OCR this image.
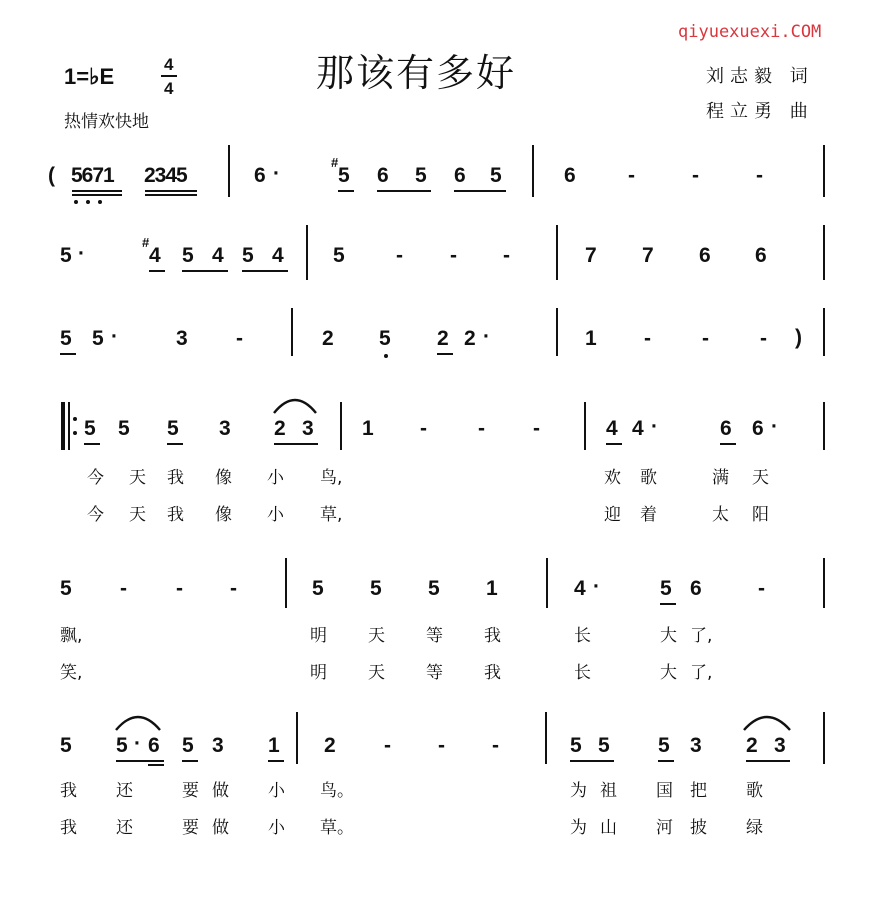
qiyuexuexi.COM
1=♭E	4
4
热情欢快地
那该有多好	刘志毅 词
程立勇 曲
( 5671 2345	6 ·	#
5 6 5 6 5	6 -	-	-
5 ·	#
4 5 4 5 4 5 - - -	7 7 6 6
5 5 ·	3 -	2 5 2 2 ·	1 - - - )
5 5 5 3 2 3 1 - - -	4 4 ·	6 6 ·
今 天 我 像 小 鸟,	欢 歌	满 天
今 天 我 像 小 草,	迎 着	太 阳
5 - - -	5 5 5 1	4 ·	5 6	-
飘,	明 天 等 我	长	大 了,
笑,	明 天 等 我	长	大 了,
5 5 · 6 5 3 1 2 - - -	5 5 5 3 2 3
我 还	要 做 小 鸟。	为 祖 国 把 歌
我 还	要 做 小 草。	为 山 河 披 绿
